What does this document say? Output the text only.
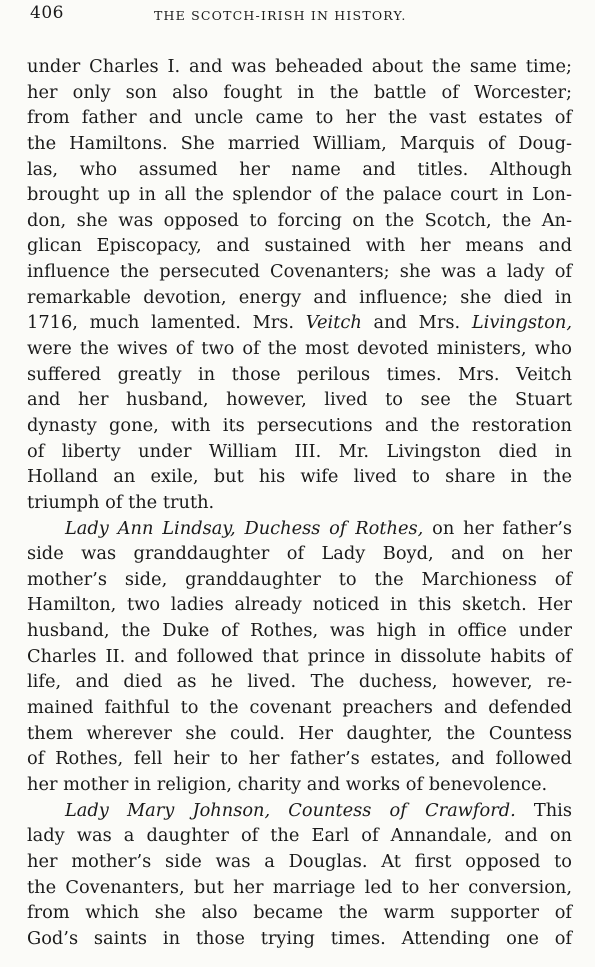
406	THE SCOTCH-IRISH IN HISTORY.
under Charles I. and was beheaded about the same time;
her only son also fought in the battle of Worcester;
from father and uncle came to her the vast estates of
the Hamiltons. She married William, Marquis of Doug-
las, who assumed her name and titles. Although
brought up in all the splendor of the palace court in Lon-
don, she was opposed to forcing on the Scotch, the An-
glican Episcopacy, and sustained with her means and
influence the persecuted Covenanters; she was a lady of
remarkable devotion, energy and influence; she died in
1716, much lamented. Mrs. Veitch and Mrs. Livingston,
were the wives of two of the most devoted ministers, who
suffered greatly in those perilous times. Mrs. Veitch
and her husband, however, lived to see the Stuart
dynasty gone, with its persecutions and the restoration
of liberty under William III. Mr. Livingston died in
Holland an exile, but his wife lived to share in the
triumph of the truth.
Lady Ann Lindsay, Duchess of Rothes, on her father’s
side was granddaughter of Lady Boyd, and on her
mother’s side, granddaughter to the Marchioness of
Hamilton, two ladies already noticed in this sketch. Her
husband, the Duke of Rothes, was high in office under
Charles II. and followed that prince in dissolute habits of
life, and died as he lived. The duchess, however, re-
mained faithful to the covenant preachers and defended
them wherever she could. Her daughter, the Countess
of Rothes, fell heir to her father’s estates, and followed
her mother in religion, charity and works of benevolence.
Lady Mary Johnson, Countess of Crawford. This
lady was a daughter of the Earl of Annandale, and on
her mother’s side was a Douglas. At first opposed to
the Covenanters, but her marriage led to her conversion,
from which she also became the warm supporter of
God’s saints in those trying times. Attending one of
